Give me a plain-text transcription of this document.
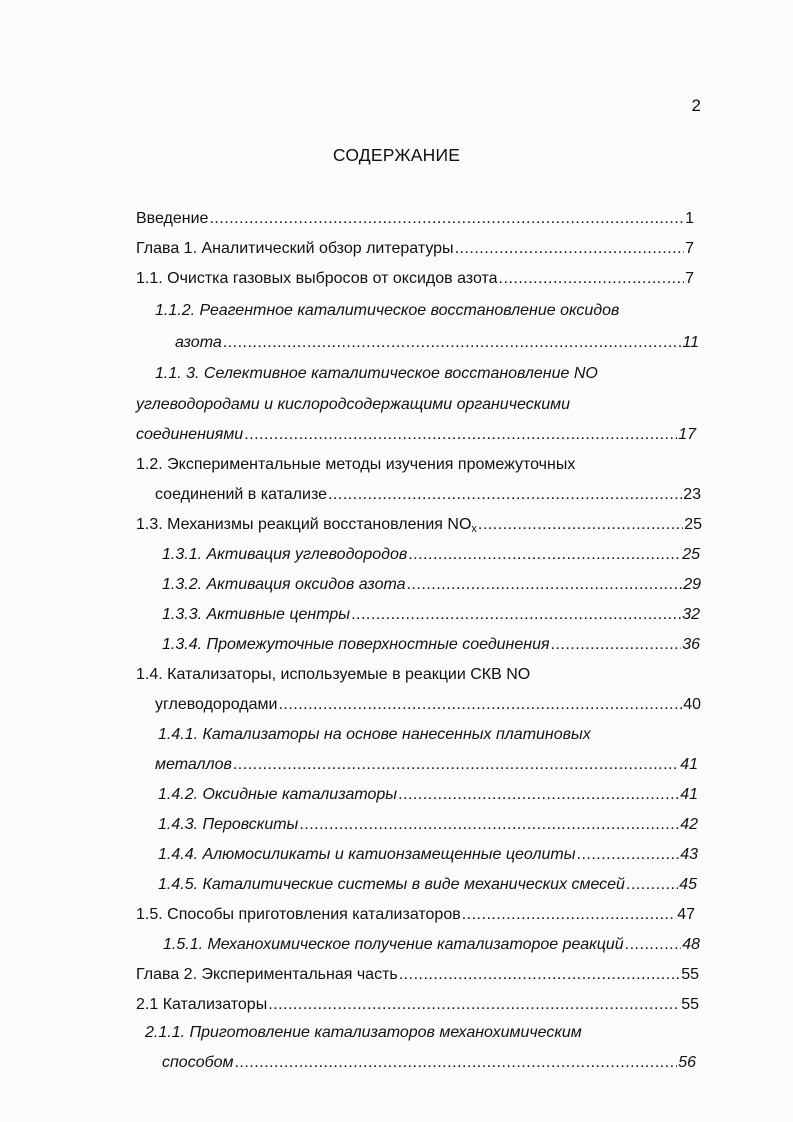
2
СОДЕРЖАНИЕ
Введение .....	1
Глава 1. Аналитический обзор литературы .....	7
1.1. Очистка газовых выбросов от оксидов азота .....	7
1.1.2. Реагентное каталитическое восстановление оксидов
азота .....	11
1.1. 3. Селективное каталитическое восстановление NO
углеводородами и кислородсодержащими органическими
соединениями .....	17
1.2. Экспериментальные методы изучения промежуточных
соединений в катализе .....	23
1.3. Механизмы реакций восстановления $NO_x$ .....	25
1.3.1. Активация углеводородов .....	25
1.3.2. Активация оксидов азота .....	29
1.3.3. Активные центры .....	32
1.3.4. Промежуточные поверхностные соединения .....	36
1.4. Катализаторы, используемые в реакции СКВ NO
углеводородами .....	40
1.4.1. Катализаторы на основе нанесенных платиновых
металлов .....	41
1.4.2. Оксидные катализаторы .....	41
1.4.3. Перовскиты .....	42
1.4.4. Алюмосиликаты и катионзамещенные цеолиты .....	43
1.4.5. Каталитические системы в виде механических смесей .....	45
1.5. Способы приготовления катализаторов .....	47
1.5.1. Механохимическое получение катализаторое реакций .....	48
Глава 2. Экспериментальная часть .....	55
2.1 Катализаторы .....	55
2.1.1. Приготовление катализаторов механохимическим
способом .....	56
